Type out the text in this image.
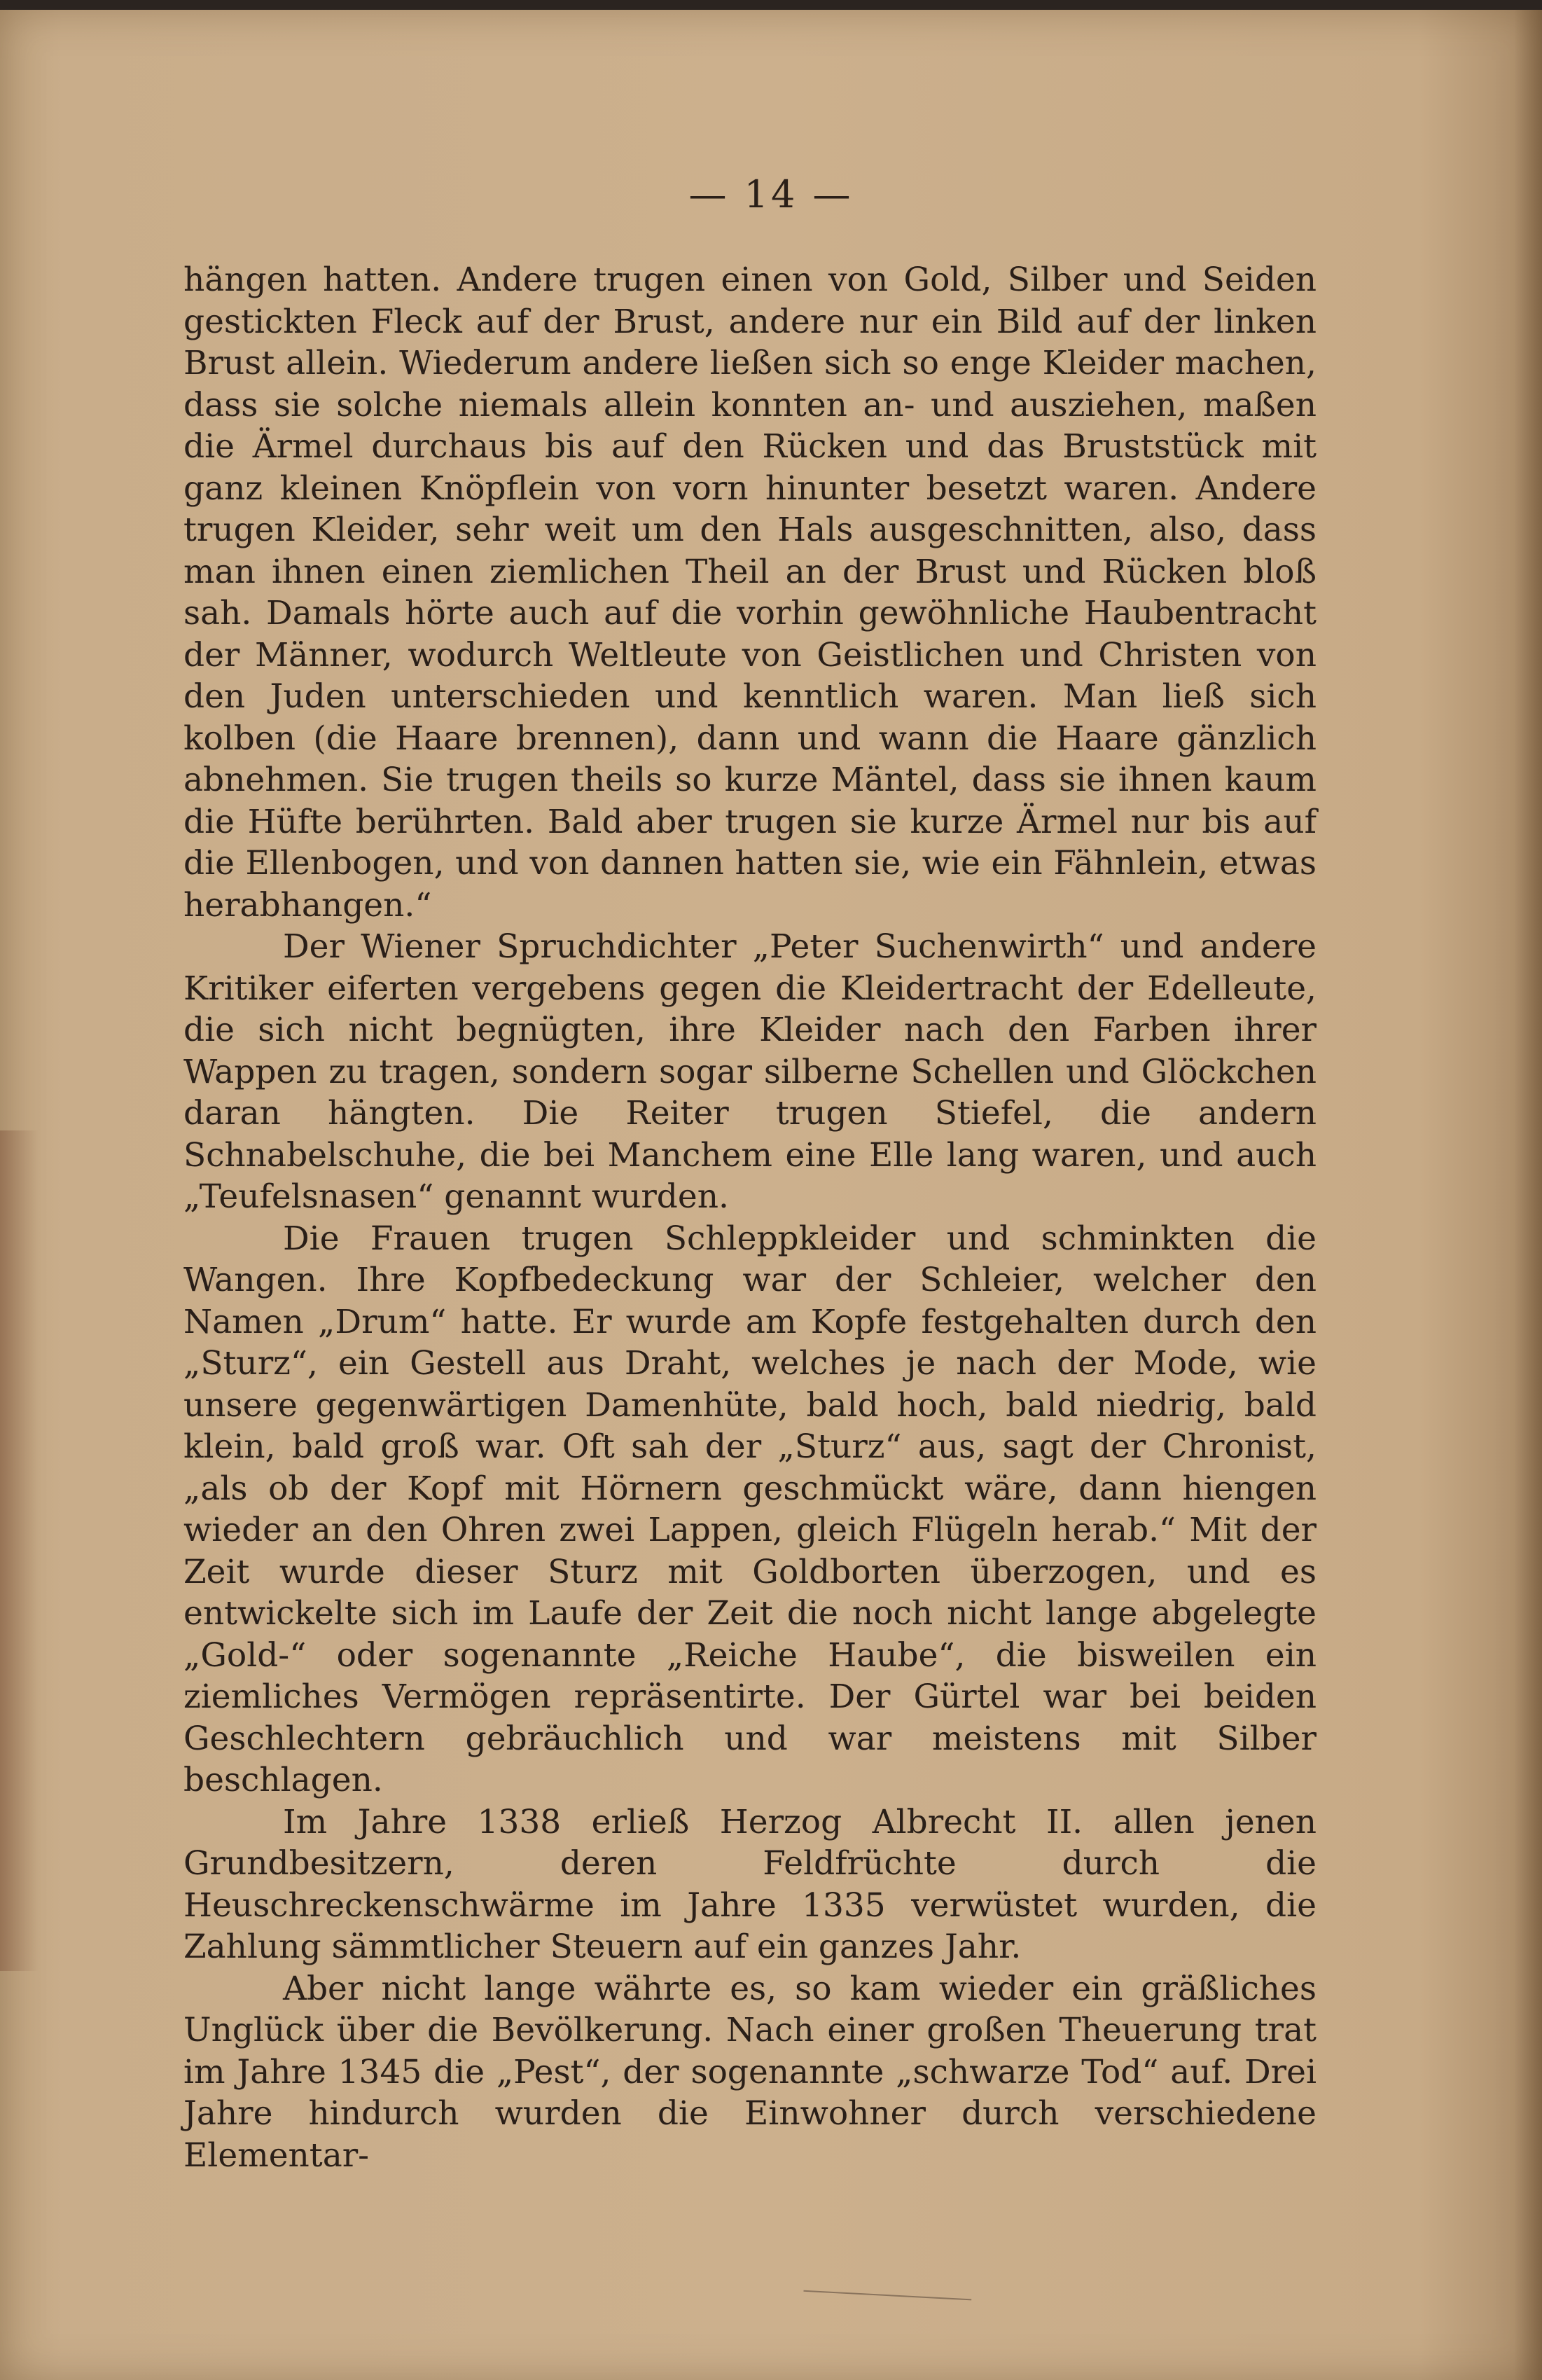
— 14 —

hängen hatten. Andere trugen einen von Gold, Silber und Seiden gestickten Fleck auf der Brust, andere nur ein Bild auf der linken Brust allein. Wiederum andere ließen sich so enge Kleider machen, dass sie solche niemals allein konnten an- und ausziehen, maßen die Ärmel durchaus bis auf den Rücken und das Bruststück mit ganz kleinen Knöpflein von vorn hinunter besetzt waren. Andere trugen Kleider, sehr weit um den Hals ausgeschnitten, also, dass man ihnen einen ziemlichen Theil an der Brust und Rücken bloß sah. Damals hörte auch auf die vorhin gewöhnliche Haubentracht der Männer, wodurch Weltleute von Geistlichen und Christen von den Juden unterschieden und kenntlich waren. Man ließ sich kolben (die Haare brennen), dann und wann die Haare gänzlich abnehmen. Sie trugen theils so kurze Mäntel, dass sie ihnen kaum die Hüfte berührten. Bald aber trugen sie kurze Ärmel nur bis auf die Ellenbogen, und von dannen hatten sie, wie ein Fähnlein, etwas herabhangen.“

Der Wiener Spruchdichter „Peter Suchenwirth“ und andere Kritiker eiferten vergebens gegen die Kleidertracht der Edelleute, die sich nicht begnügten, ihre Kleider nach den Farben ihrer Wappen zu tragen, sondern sogar silberne Schellen und Glöckchen daran hängten. Die Reiter trugen Stiefel, die andern Schnabelschuhe, die bei Manchem eine Elle lang waren, und auch „Teufelsnasen“ genannt wurden.

Die Frauen trugen Schleppkleider und schminkten die Wangen. Ihre Kopfbedeckung war der Schleier, welcher den Namen „Drum“ hatte. Er wurde am Kopfe festgehalten durch den „Sturz“, ein Gestell aus Draht, welches je nach der Mode, wie unsere gegenwärtigen Damenhüte, bald hoch, bald niedrig, bald klein, bald groß war. Oft sah der „Sturz“ aus, sagt der Chronist, „als ob der Kopf mit Hörnern geschmückt wäre, dann hiengen wieder an den Ohren zwei Lappen, gleich Flügeln herab.“ Mit der Zeit wurde dieser Sturz mit Goldborten überzogen, und es entwickelte sich im Laufe der Zeit die noch nicht lange abgelegte „Gold-“ oder sogenannte „Reiche Haube“, die bisweilen ein ziemliches Vermögen repräsentirte. Der Gürtel war bei beiden Geschlechtern gebräuchlich und war meistens mit Silber beschlagen.

Im Jahre 1338 erließ Herzog Albrecht II. allen jenen Grundbesitzern, deren Feldfrüchte durch die Heuschreckenschwärme im Jahre 1335 verwüstet wurden, die Zahlung sämmtlicher Steuern auf ein ganzes Jahr.

Aber nicht lange währte es, so kam wieder ein gräßliches Unglück über die Bevölkerung. Nach einer großen Theuerung trat im Jahre 1345 die „Pest“, der sogenannte „schwarze Tod“ auf. Drei Jahre hindurch wurden die Einwohner durch verschiedene Elementar-
